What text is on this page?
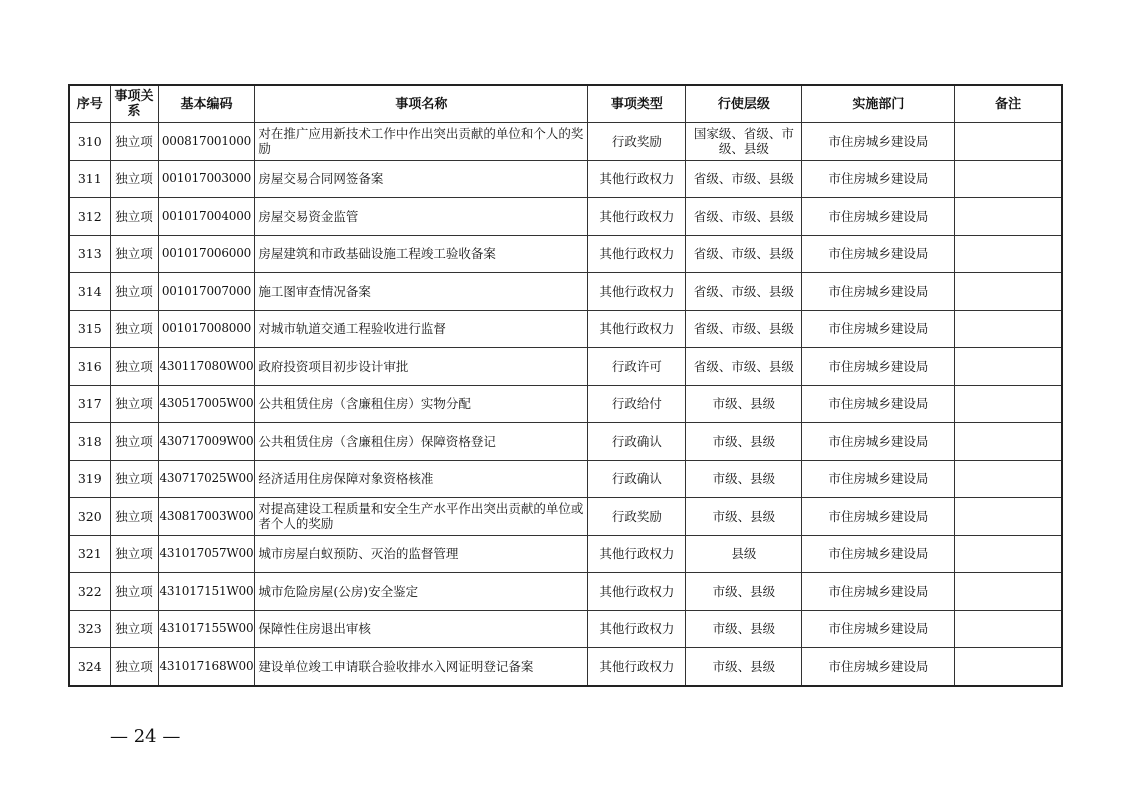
序号	事项关系	基本编码	事项名称	事项类型	行使层级	实施部门	备注
310	独立项	000817001000	对在推广应用新技术工作中作出突出贡献的单位和个人的奖励	行政奖励	国家级、省级、市级、县级	市住房城乡建设局	
311	独立项	001017003000	房屋交易合同网签备案	其他行政权力	省级、市级、县级	市住房城乡建设局	
312	独立项	001017004000	房屋交易资金监管	其他行政权力	省级、市级、县级	市住房城乡建设局	
313	独立项	001017006000	房屋建筑和市政基础设施工程竣工验收备案	其他行政权力	省级、市级、县级	市住房城乡建设局	
314	独立项	001017007000	施工图审查情况备案	其他行政权力	省级、市级、县级	市住房城乡建设局	
315	独立项	001017008000	对城市轨道交通工程验收进行监督	其他行政权力	省级、市级、县级	市住房城乡建设局	
316	独立项	430117080W00	政府投资项目初步设计审批	行政许可	省级、市级、县级	市住房城乡建设局	
317	独立项	430517005W00	公共租赁住房（含廉租住房）实物分配	行政给付	市级、县级	市住房城乡建设局	
318	独立项	430717009W00	公共租赁住房（含廉租住房）保障资格登记	行政确认	市级、县级	市住房城乡建设局	
319	独立项	430717025W00	经济适用住房保障对象资格核准	行政确认	市级、县级	市住房城乡建设局	
320	独立项	430817003W00	对提高建设工程质量和安全生产水平作出突出贡献的单位或者个人的奖励	行政奖励	市级、县级	市住房城乡建设局	
321	独立项	431017057W00	城市房屋白蚁预防、灭治的监督管理	其他行政权力	县级	市住房城乡建设局	
322	独立项	431017151W00	城市危险房屋(公房)安全鉴定	其他行政权力	市级、县级	市住房城乡建设局	
323	独立项	431017155W00	保障性住房退出审核	其他行政权力	市级、县级	市住房城乡建设局	
324	独立项	431017168W00	建设单位竣工申请联合验收排水入网证明登记备案	其他行政权力	市级、县级	市住房城乡建设局	
— 24 —
